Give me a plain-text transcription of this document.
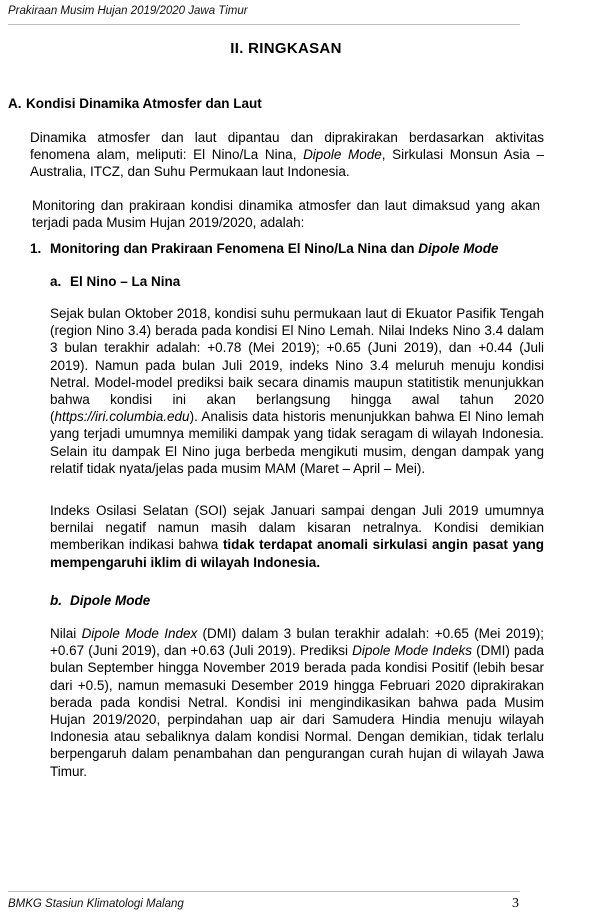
Prakiraan Musim Hujan 2019/2020 Jawa Timur
II. RINGKASAN
A. Kondisi Dinamika Atmosfer dan Laut

Dinamika atmosfer dan laut dipantau dan diprakirakan berdasarkan aktivitas fenomena alam, meliputi: El Nino/La Nina, Dipole Mode, Sirkulasi Monsun Asia – Australia, ITCZ, dan Suhu Permukaan laut Indonesia.

Monitoring dan prakiraan kondisi dinamika atmosfer dan laut dimaksud yang akan terjadi pada Musim Hujan 2019/2020, adalah:

1. Monitoring dan Prakiraan Fenomena El Nino/La Nina dan Dipole Mode
a. El Nino – La Nina

Sejak bulan Oktober 2018, kondisi suhu permukaan laut di Ekuator Pasifik Tengah (region Nino 3.4) berada pada kondisi El Nino Lemah. Nilai Indeks Nino 3.4 dalam 3 bulan terakhir adalah: +0.78 (Mei 2019); +0.65 (Juni 2019), dan +0.44 (Juli 2019). Namun pada bulan Juli 2019, indeks Nino 3.4 meluruh menuju kondisi Netral. Model-model prediksi baik secara dinamis maupun statitistik menunjukkan bahwa kondisi ini akan berlangsung hingga awal tahun 2020 (https://iri.columbia.edu). Analisis data historis menunjukkan bahwa El Nino lemah yang terjadi umumnya memiliki dampak yang tidak seragam di wilayah Indonesia. Selain itu dampak El Nino juga berbeda mengikuti musim, dengan dampak yang relatif tidak nyata/jelas pada musim MAM (Maret – April – Mei).

Indeks Osilasi Selatan (SOI) sejak Januari sampai dengan Juli 2019 umumnya bernilai negatif namun masih dalam kisaran netralnya. Kondisi demikian memberikan indikasi bahwa tidak terdapat anomali sirkulasi angin pasat yang mempengaruhi iklim di wilayah Indonesia.

b. Dipole Mode

Nilai Dipole Mode Index (DMI) dalam 3 bulan terakhir adalah: +0.65 (Mei 2019); +0.67 (Juni 2019), dan +0.63 (Juli 2019). Prediksi Dipole Mode Indeks (DMI) pada bulan September hingga November 2019 berada pada kondisi Positif (lebih besar dari +0.5), namun memasuki Desember 2019 hingga Februari 2020 diprakirakan berada pada kondisi Netral. Kondisi ini mengindikasikan bahwa pada Musim Hujan 2019/2020, perpindahan uap air dari Samudera Hindia menuju wilayah Indonesia atau sebaliknya dalam kondisi Normal. Dengan demikian, tidak terlalu berpengaruh dalam penambahan dan pengurangan curah hujan di wilayah Jawa Timur.

BMKG Stasiun Klimatologi Malang	3
